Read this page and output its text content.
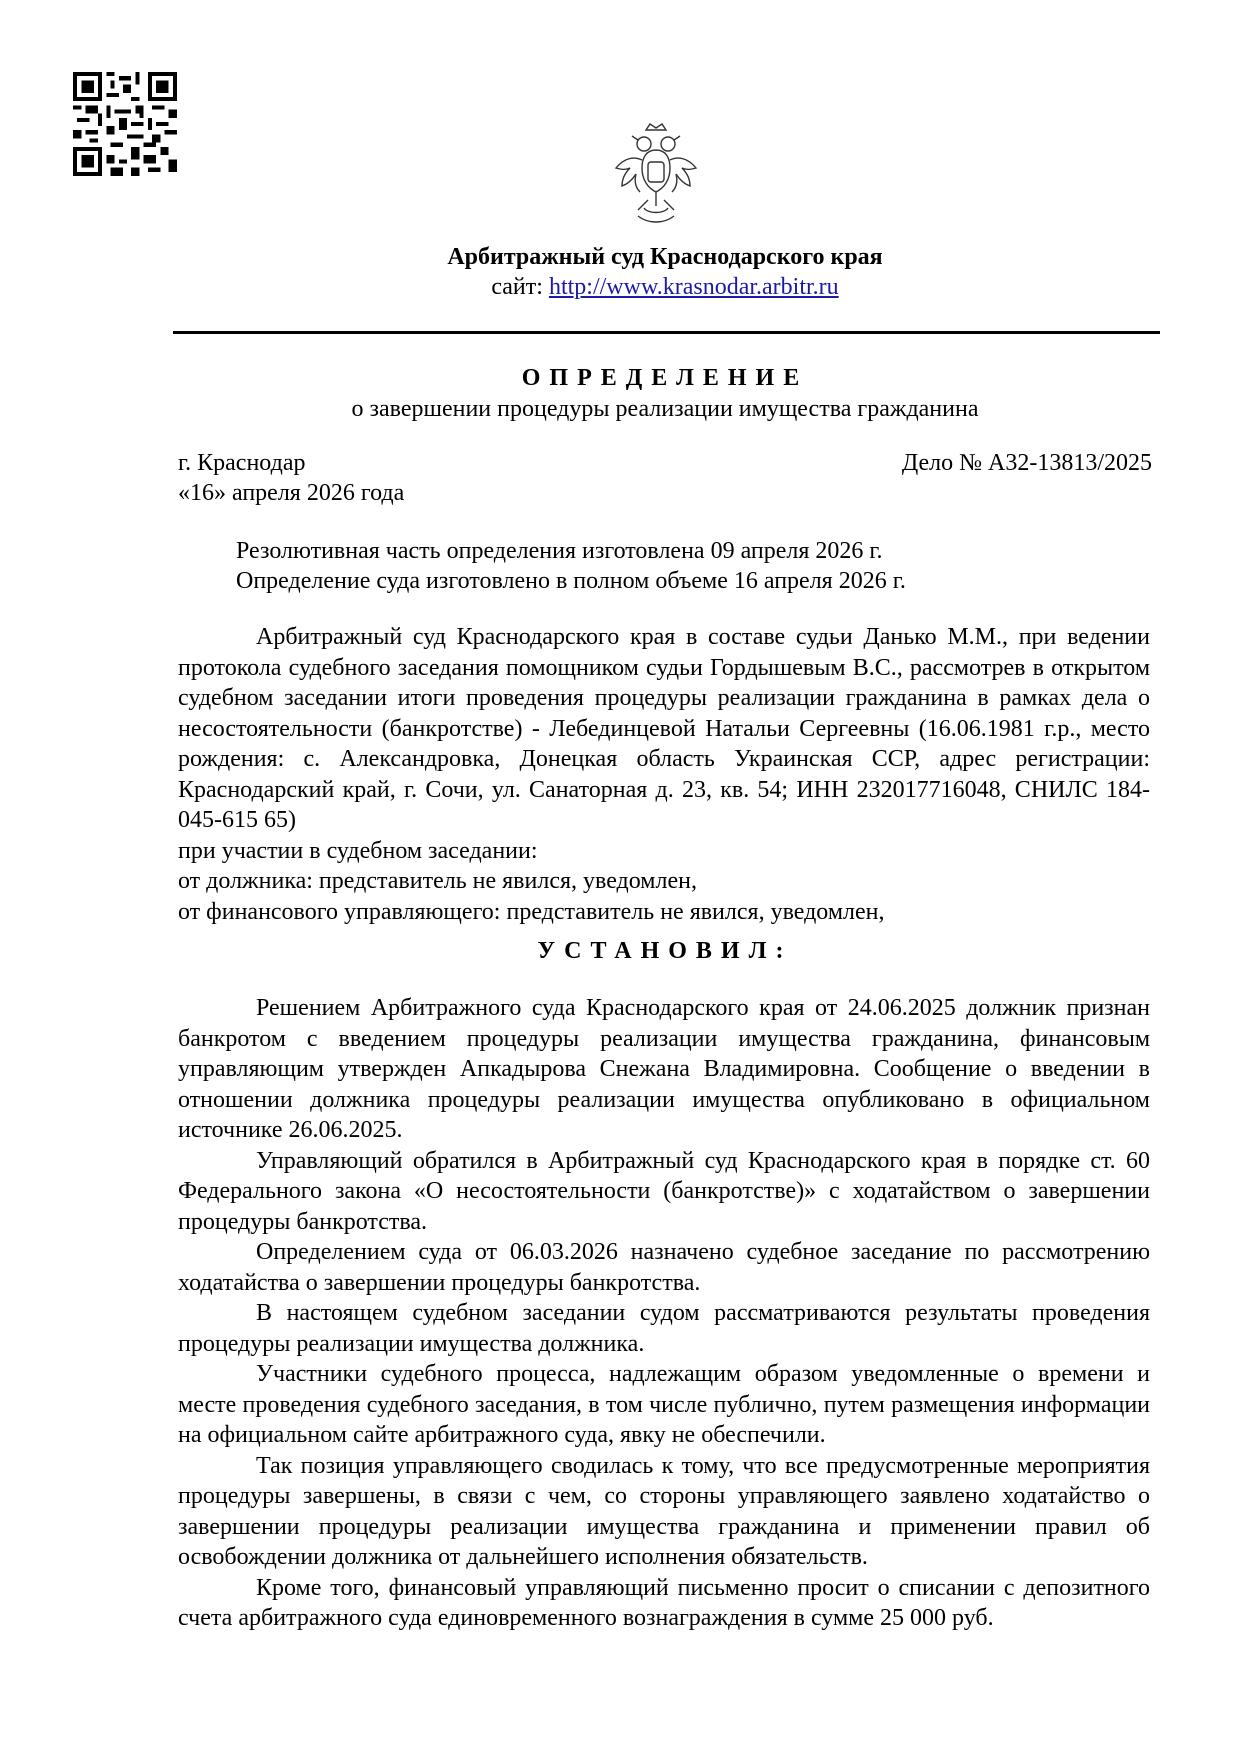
Арбитражный суд Краснодарского края
сайт: http://www.krasnodar.arbitr.ru
ОПРЕДЕЛЕНИЕ
о завершении процедуры реализации имущества гражданина
г. Краснодар	Дело № А32-13813/2025
«16» апреля 2026 года
Резолютивная часть определения изготовлена 09 апреля 2026 г.
Определение суда изготовлено в полном объеме 16 апреля 2026 г.

Арбитражный суд Краснодарского края в составе судьи Данько М.М., при ведении протокола судебного заседания помощником судьи Гордышевым В.С., рассмотрев в открытом судебном заседании итоги проведения процедуры реализации гражданина в рамках дела о несостоятельности (банкротстве) - Лебединцевой Натальи Сергеевны (16.06.1981 г.р., место рождения: с. Александровка, Донецкая область Украинская ССР, адрес регистрации: Краснодарский край, г. Сочи, ул. Санаторная д. 23, кв. 54; ИНН 232017716048, СНИЛС 184-045-615 65)

при участии в судебном заседании:

от должника: представитель не явился, уведомлен,

от финансового управляющего: представитель не явился, уведомлен,

УСТАНОВИЛ:

Решением Арбитражного суда Краснодарского края от 24.06.2025 должник признан банкротом с введением процедуры реализации имущества гражданина, финансовым управляющим утвержден Апкадырова Снежана Владимировна. Сообщение о введении в отношении должника процедуры реализации имущества опубликовано в официальном источнике 26.06.2025.

Управляющий обратился в Арбитражный суд Краснодарского края в порядке ст. 60 Федерального закона «О несостоятельности (банкротстве)» с ходатайством о завершении процедуры банкротства.

Определением суда от 06.03.2026 назначено судебное заседание по рассмотрению ходатайства о завершении процедуры банкротства.

В настоящем судебном заседании судом рассматриваются результаты проведения процедуры реализации имущества должника.

Участники судебного процесса, надлежащим образом уведомленные о времени и месте проведения судебного заседания, в том числе публично, путем размещения информации на официальном сайте арбитражного суда, явку не обеспечили.

Так позиция управляющего сводилась к тому, что все предусмотренные мероприятия процедуры завершены, в связи с чем, со стороны управляющего заявлено ходатайство о завершении процедуры реализации имущества гражданина и применении правил об освобождении должника от дальнейшего исполнения обязательств.

Кроме того, финансовый управляющий письменно просит о списании с депозитного счета арбитражного суда единовременного вознаграждения в сумме 25 000 руб.
